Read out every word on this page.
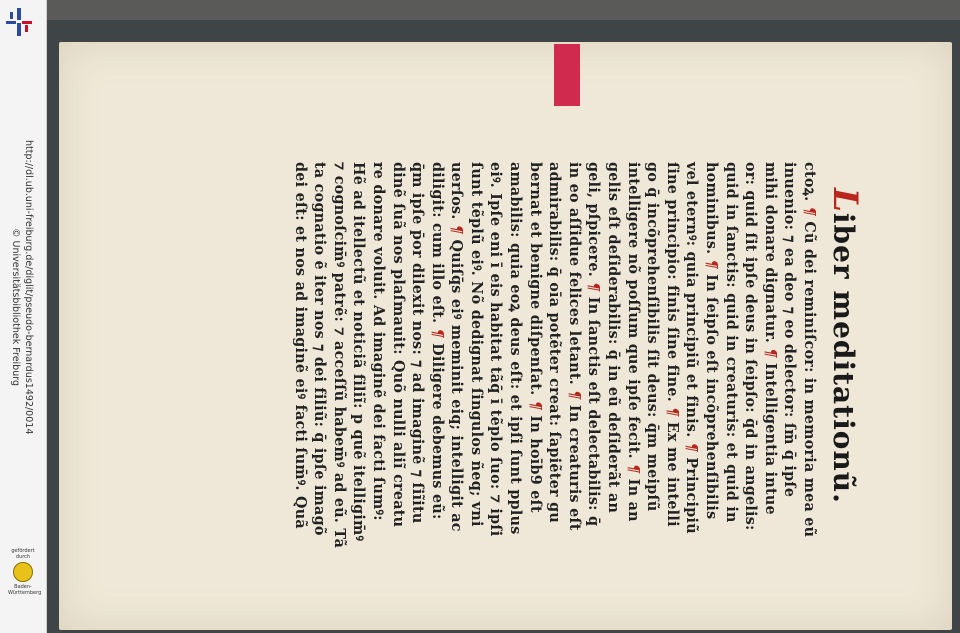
http://dl.ub.uni-freiburg.de/diglit/pseudo-bernardus1492/0014
© Universitätsbibliothek Freiburg
gefördert durch
Baden-Württemberg
Liber meditationũ.
ctoꝝ. ¶ Cũ dei reminiſcor: in memoria mea eũ
inuenio: ⁊ ea deo ⁊ eo delector: ſm̄ q̄ ipſe
mihi donare dignatur. ¶ Intelligentia intue
or: quid ſit ipſe deus in ſeipſo: q̄d in angelis:
quid in ſanctis: quid in creaturis: et quid in
hominibus. ¶ In ſeipſo eſt incõprehenſibilis
vel eternꝰ: quia principiũ et finis. ¶ Principiũ
ſine principio: finis ſine fine. ¶ Ex me intelli
go q̄ incõprehenſibilis ſit deus: q̄m meipſũ
intelligere nõ poſſum que ipſe fecit. ¶ In an
gelis eſt deſiderabilis: q̄ in eũ deſiderãt an
geli, pſpicere. ¶ In ſanctis eſt delectabilis: q̄
in eo aſſidue felices letant. ¶ In creaturis eſt
admirabilis: q̄ oīa potẽter creat: ſapiẽter gu
bernat et benigne diſpenſat. ¶ In hoīb9 eſt
amabilis: quia eoꝝ deus eſt: et ipſi ſunt pplus
eiꝰ. Ipſe eni ī eis habitat tãq̄ ī tẽplo ſuo: ⁊ ipſi
ſunt tẽplũ eiꝰ. Nõ dedignat ſingulos ñeq; vni
uerſos. ¶ Quiſq̄s eiꝰ meminit eiq; intelligit ac
diligit: cum illo eſt. ¶ Diligere debemus eũ:
q̄m ipſe p̄or dilexit nos: ⁊ ad imaginẽ ⁊ ſiĩitu
dinẽ ſuã nos plaſmauit: Quõ nulli aliĩ creatu
re donare voluit. Ad imaginẽ dei facti ſumꝰ:
Hẽ ad itellectũ et noticiã filiĩ: p quẽ itelligim̄ꝰ
⁊ cognoſcim̄ꝰ patrẽ: ⁊ acceſſũ habem̄ꝰ ad eũ. Tã
ta cognatio ẽ iter nos ⁊ dei filiũ: q̄ ipſe imagõ
dei eſt: et nos ad imaginẽ eiꝰ facti ſum̄ꝰ. Quã
